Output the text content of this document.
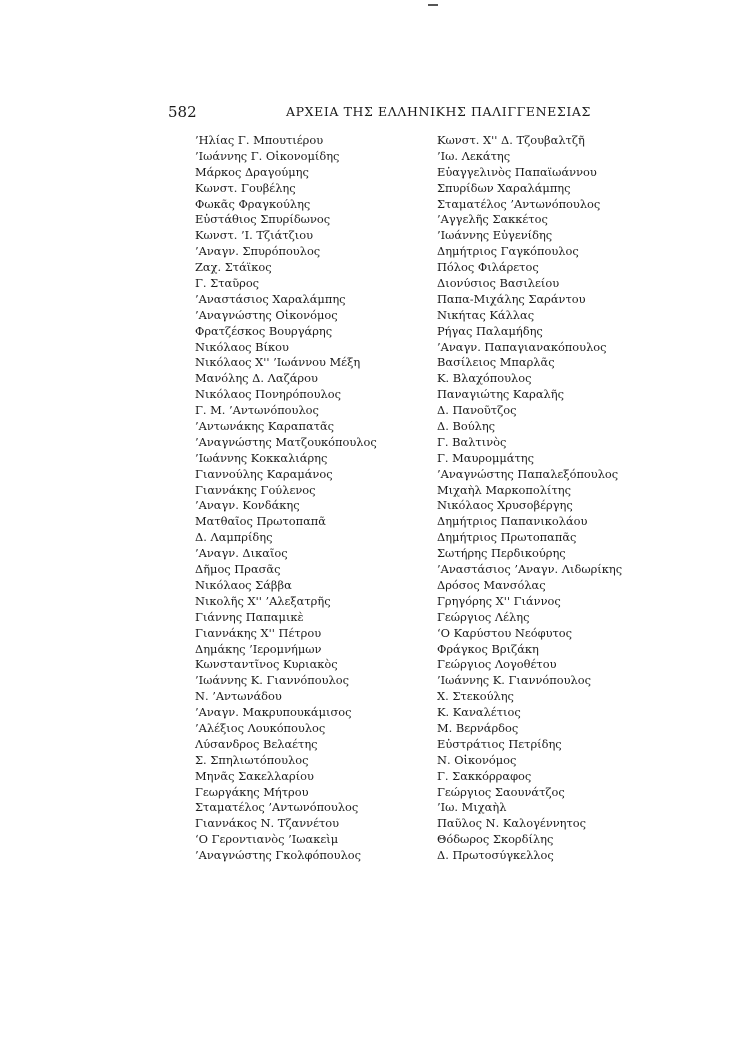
582	ΑΡΧΕΙΑ ΤΗΣ ΕΛΛΗΝΙΚΗΣ ΠΑΛΙΓΓΕΝΕΣΙΑΣ
’Ηλίας Γ. Μπουτιέρου
’Ιωάννης Γ. Οἰκονομίδης
Μάρκος Δραγούμης
Κωνστ. Γουβέλης
Φωκᾶς Φραγκούλης
Εὐστάθιος Σπυρίδωνος
Κωνστ. ’Ι. Τζιάτζιου
’Αναγν. Σπυρόπουλος
Ζαχ. Στάϊκος
Γ. Σταῦρος
’Αναστάσιος Χαραλάμπης
’Αναγνώστης Οἰκονόμος
Φρατζέσκος Βουργάρης
Νικόλαος Βίκου
Νικόλαος Χ'' ’Ιωάννου Μέξη
Μανόλης Δ. Λαζάρου
Νικόλαος Πονηρόπουλος
Γ. Μ. ’Αντωνόπουλος
’Αντωνάκης Καραπατᾶς
’Αναγνώστης Ματζουκόπουλος
’Ιωάννης Κοκκαλιάρης
Γιαννούλης Καραμάνος
Γιαννάκης Γούλενος
’Αναγν. Κονδάκης
Ματθαῖος Πρωτοπαπᾶ
Δ. Λαμπρίδης
’Αναγν. Δικαῖος
Δῆμος Πρασᾶς
Νικόλαος Σάββα
Νικολῆς Χ'' ’Αλεξατρῆς
Γιάννης Παπαμικὲ
Γιαννάκης Χ'' Πέτρου
Δημάκης ’Ιερομνήμων
Κωνσταντῖνος Κυριακὸς
’Ιωάννης Κ. Γιαννόπουλος
Ν. ’Αντωνάδου
’Αναγν. Μακρυπουκάμισος
’Αλέξιος Λουκόπουλος
Λύσανδρος Βελαέτης
Σ. Σπηλιωτόπουλος
Μηνᾶς Σακελλαρίου
Γεωργάκης Μήτρου
Σταματέλος ’Αντωνόπουλος
Γιαννάκος Ν. Τζαννέτου
‘Ο Γεροντιανὸς ’Ιωακεὶμ
’Αναγνώστης Γκολφόπουλος
Κωνστ. Χ'' Δ. Τζουβαλτζῆ
’Ιω. Λεκάτης
Εὐαγγελινὸς Παπαϊωάννου
Σπυρίδων Χαραλάμπης
Σταματέλος ’Αντωνόπουλος
’Αγγελῆς Σακκέτος
’Ιωάννης Εὐγενίδης
Δημήτριος Γαγκόπουλος
Πόλος Φιλάρετος
Διονύσιος Βασιλείου
Παπα-Μιχάλης Σαράντου
Νικήτας Κάλλας
Ρήγας Παλαμήδης
’Αναγν. Παπαγιανακόπουλος
Βασίλειος Μπαρλᾶς
Κ. Βλαχόπουλος
Παναγιώτης Καραλῆς
Δ. Πανοῦτζος
Δ. Βούλης
Γ. Βαλτινὸς
Γ. Μαυρομμάτης
’Αναγνώστης Παπαλεξόπουλος
Μιχαὴλ Μαρκοπολίτης
Νικόλαος Χρυσοβέργης
Δημήτριος Παπανικολάου
Δημήτριος Πρωτοπαπᾶς
Σωτήρης Περδικούρης
’Αναστάσιος ’Αναγν. Λιδωρίκης
Δρόσος Μανσόλας
Γρηγόρης Χ'' Γιάννος
Γεώργιος Λέλης
‘Ο Καρύστου Νεόφυτος
Φράγκος Βριζάκη
Γεώργιος Λογοθέτου
’Ιωάννης Κ. Γιαννόπουλος
Χ. Στεκούλης
Κ. Καναλέτιος
Μ. Βερνάρδος
Εὐστράτιος Πετρίδης
Ν. Οἰκονόμος
Γ. Σακκόρραφος
Γεώργιος Σαουνάτζος
’Ιω. Μιχαὴλ
Παῦλος Ν. Καλογέννητος
Θόδωρος Σκορδίλης
Δ. Πρωτοσύγκελλος
